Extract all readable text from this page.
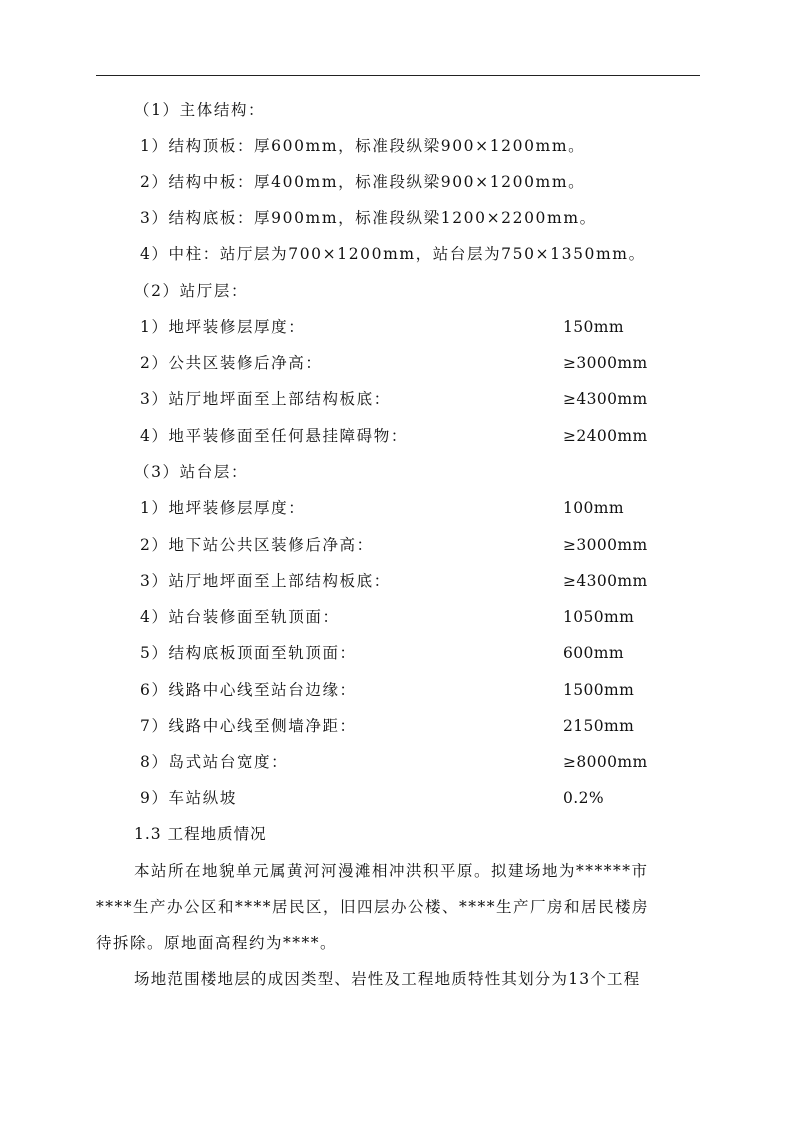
（1）主体结构：
1）结构顶板：厚600mm，标准段纵梁900×1200mm。
2）结构中板：厚400mm，标准段纵梁900×1200mm。
3）结构底板：厚900mm，标准段纵梁1200×2200mm。
4）中柱：站厅层为700×1200mm，站台层为750×1350mm。
（2）站厅层：
1）地坪装修层厚度：	150mm
2）公共区装修后净高：	≥3000mm
3）站厅地坪面至上部结构板底：	≥4300mm
4）地平装修面至任何悬挂障碍物：	≥2400mm
（3）站台层：
1）地坪装修层厚度：	100mm
2）地下站公共区装修后净高：	≥3000mm
3）站厅地坪面至上部结构板底：	≥4300mm
4）站台装修面至轨顶面：	1050mm
5）结构底板顶面至轨顶面：	600mm
6）线路中心线至站台边缘：	1500mm
7）线路中心线至侧墙净距：	2150mm
8）岛式站台宽度：	≥8000mm
9）车站纵坡	0.2%
1.3 工程地质情况
本站所在地貌单元属黄河河漫滩相冲洪积平原。拟建场地为******市
****生产办公区和****居民区，旧四层办公楼、****生产厂房和居民楼房
待拆除。原地面高程约为****。
场地范围楼地层的成因类型、岩性及工程地质特性其划分为13个工程
